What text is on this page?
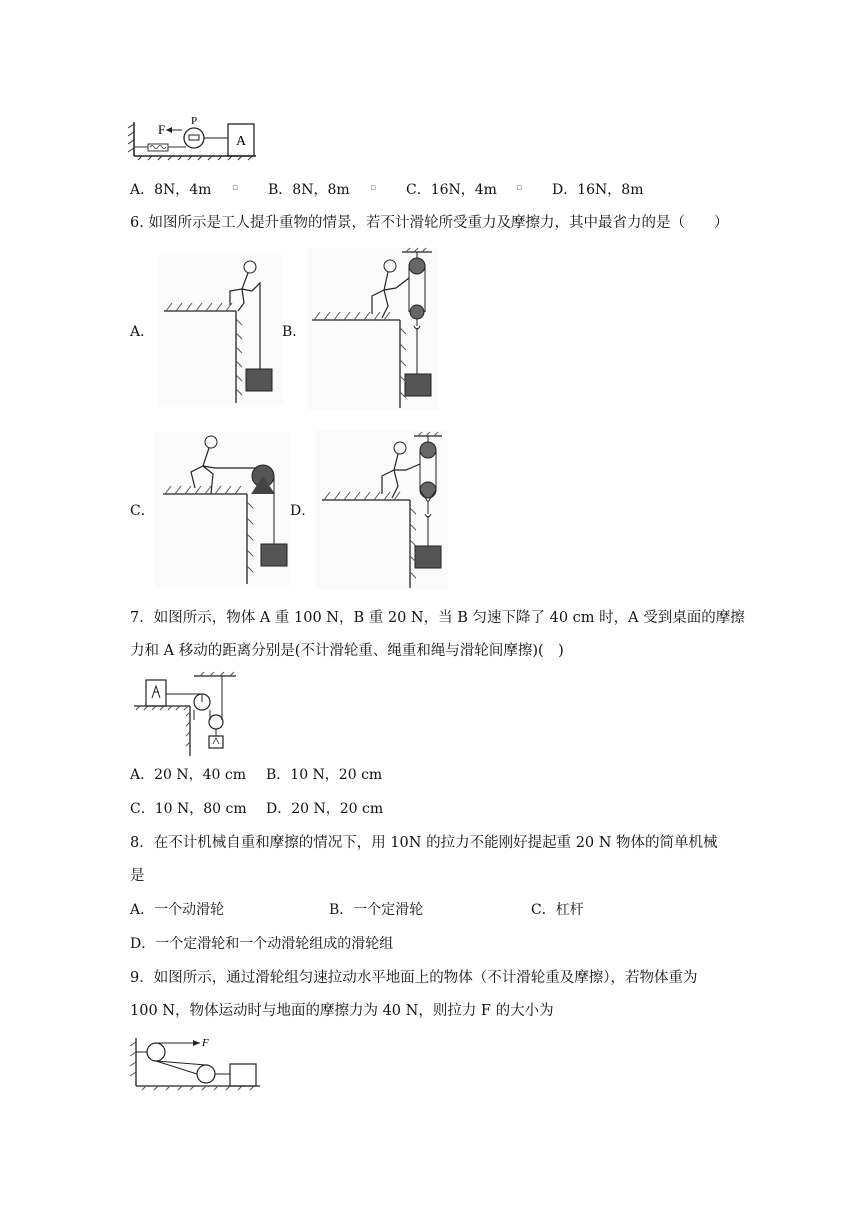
F
P
A
A．8N，4m ▫ B．8N，8m ▫ C．16N，4m ▫ D．16N，8m
6. 如图所示是工人提升重物的情景，若不计滑轮所受重力及摩擦力，其中最省力的是（　　）
A．	B．
C．	D．
7．如图所示，物体 A 重 100 N，B 重 20 N，当 B 匀速下降了 40 cm 时，A 受到桌面的摩擦
力和 A 移动的距离分别是(不计滑轮重、绳重和绳与滑轮间摩擦)(　)
A．20 N，40 cm B．10 N，20 cm
C．10 N，80 cm D．20 N，20 cm
8．在不计机械自重和摩擦的情况下，用 10N 的拉力不能刚好提起重 20 N 物体的简单机械
是
A．一个动滑轮	B．一个定滑轮	C．杠杆
D．一个定滑轮和一个动滑轮组成的滑轮组
9．如图所示，通过滑轮组匀速拉动水平地面上的物体（不计滑轮重及摩擦），若物体重为
100 N，物体运动时与地面的摩擦力为 40 N，则拉力 F 的大小为
F
